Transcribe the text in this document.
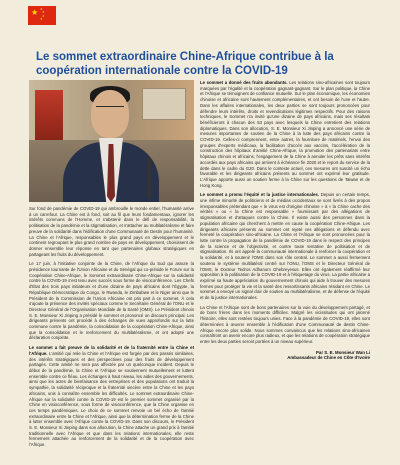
★ ★
★
★
★
Le sommet extraordinaire Chine-Afrique contribue à la coopération internationale contre la COVID-19

Sur fond de pandémie de COVID-19 qui ambrouille le monde entier, l'humanité arrive à un carrefour. La Chine est à fond, soit au fil que leurs fondamentaux, ignorer les intérêts communs de l'Homme, et s'abstenir dans le défi de responsabilité, la politisation de la pandémie et la stigmatisation, et s'attacher au multilatéralisme et faire preuve de la solidarité dans l'édification d'une Communauté de Destin pour l'humanité. La Chine et l'Afrique, responsables le plus grand pays en développement et le continent regroupant le plus grand nombre de pays en développement, choisissent de donner ensemble leur réponse en tant que partenaires globaux stratégiques en partageant les fruits du développement.

Le 17 juin, à l'initiative conjointe de la Chine, de l'Afrique du Sud qui assure la présidence tournante de l'Union Africaine et du Sénégal qui co-préside le Forum sur la Coopération Chine-Afrique, le Sommet extraordinaire Chine-Afrique sur la solidarité contre la COVID-19 s'est tenu avec succès sous forme de visioconférence. Les Chefs d'État des trois pays initiateurs et d'une dizaine de pays africains dont l'Égypte, la République Démocratique du Congo, le Rwanda, le Zimbabwe et le Niger ainsi que le Président de la Commission de l'Union Africaine ont pris part à ce sommet. À cela s'ajoute la présence des invités spéciaux comme le Secrétaire Général de l'ONU et le Directeur Général de l'Organisation Mondiale de la Santé (OMS). Le Président chinois S. E. Monsieur Xi Jinping a présidé le sommet et prononcé un discours principal. Les dirigeants présents ont procédé à des échanges de vues approfondis sur la lutte commune contre la pandémie, la consolidation de la coopération Chine-Afrique, ainsi que la consolidation et le renforcement du multilatéralisme, et ont adopté une déclaration conjointe.

Le sommet a fait preuve de la solidarité et de la fraternité entre la Chine et l'Afrique. L'amitié qui relie la Chine et l'Afrique est forgée par des passés similaires, des intérêts stratégiques et des perspectives pour des fruits de développement partagés. Cette amitié ne sera pas affectée par un quelconque incident. Depuis le début de la pandémie, la Chine et l'Afrique se soutiennent mutuellement et luttent ensemble contre ce fléau. Les échanges à haut niveau, les aides des gouvernements, ainsi que les actes de bienfaisance des entreprises et des populations ont traduit la sympathie, la solidarité réciproque et la fraternité sincère entre la Chine et les pays africains, unis à connaître ensemble les difficultés. Le sommet extraordinaire Chine-Afrique sur la solidarité contre la COVID-19 est le premier sommet organisé par la Chine en visioconférence, sous forme de visioconférence, que la Chine organise en ces temps pandémiques. Le choix de ce sommet renvoie un bel écho de l'amitié extraordinaire entre la Chine et l'Afrique, ainsi que la détermination ferme de la Chine à lutter ensemble avec l'Afrique contre la COVID-19. Dans son discours, le Président S. E. Monsieur Xi Jinping dans son allocution, la Chine attache un grand prix à l'amitié traditionnelle avec l'Afrique et que dans les relations internationales, elle reste fermement attachée au renforcement de la solidarité et de la coopération avec l'Afrique.

Le sommet a donné des fruits abondants. Les relations sino-africaines sont toujours marquées par l'égalité et la coopération gagnant-gagnant. Sur le plan politique, la Chine et l'Afrique se témoignent de confiance mutuelle. Sur le plan économique, les économies chinoise et africaine sont hautement complémentaires, et ont besoin de l'une et l'autre. Dans les affaires internationales, les deux parties se sont toujours prononcées pour défendre leurs intérêts, droits et revendications légitimes respectifs. Pour des raisons techniques, le Sommet n'a invité qu'une dizaine de pays africains, mais ses résultats bénéficieront à chacun des 53 pays avec lesquels la Chine entretient des relations diplomatiques. Dans son allocution, S. E. Monsieur Xi Jinping a annoncé une série de mesures importantes de soutien de la Chine à la lutte des pays africains contre la COVID-19. Celles-ci comprennent, entre autres, la fourniture de matériels, l'envoi des groupes d'experts médicaux, la facilitation d'accès aux vaccins, l'accélération de la construction des hôpitaux d'amitié Chine-Afrique, la promotion des partenariats entre hôpitaux chinois et africains, l'engagement de la Chine à annuler les prêts sans intérêts accordés aux pays africains qui arrivent à échéance fin 2020 et le report du service de la dette dans le cadre du G20. Dans le contexte actuel, ces mesures ont suscité un écho favorable et les dirigeants africains présents au sommet ont exprimé leur gratitude. L'Afrique apporte aussi un soutien ferme à la Chine sur les questions de Taiwan et de Hong Kong.

Le sommet a promu l'équité et la justice internationales. Depuis un certain temps, une infime minorité de politiciens et de médias occidentaux se sont livrés à des propos irresponsables prétendant que « le virus est d'origine chinoise » à « la Chine cache des vérités » ou « la Chine est responsable » fournissant par des allégations de stigmatisation et d'attaques contre la Chine. Il existe aussi des personnes dans la population africaine qui cherchent à mettre en cause la coopération Chine-Afrique. Les dirigeants africains présents au sommet ont rejeté ces allégations et défendu avec fermeté la coopération sino-africaine. La Chine et l'Afrique se sont prononcées pour la lutte contre la propagation de la pandémie de COVID-19 dans le respect des principes de la science et de l'objectivité, et contre toute tentative de politisation et de stigmatisation. Ils ont appelé la communauté internationale à renforcer la coopération et la solidarité, et à soutenir l'OMS dans son rôle central. Le sommet a aussi fermement soutenu le système multilatéral centré sur l'ONU, l'OMS et le Directeur Général de l'OMS, le Docteur Tedros Adhanom Ghebreyesus. Elles ont également réaffirmé leur opposition à la politisation de la COVID-19 et à l'étiquetage du virus. La partie africaine a exprimé sa haute appréciation du gouvernement chinois qui aide à trouver des mesures fermes pour protéger la vie et la santé des ressortissants africains résidant en Chine. Le sommet a envoyé un signal clair de soutien au multilatéralisme, et de défense de l'équité et de la justice internationales.

La Chine et l'Afrique sont de bons partenaires sur la voie du développement partagé, et de bons frères dans les moments difficiles. Malgré les vicissitudes qui ont jalonné l'histoire, elles sont restées toujours unies. Face à la pandémie de COVID-19, elles sont déterminées à œuvrer ensemble à l'édification d'une Communauté de destin Chine-Afrique encore plus solide. Nous sommes convaincus que les relations sino-africaines connaîtront un avenir encore plus radieux, et que les relations de coopération stratégique entre les deux parties seront portées à un niveau supérieur.

Par S. E. Monsieur Wan Li
Ambassadeur de Chine en Côte d'Ivoire
